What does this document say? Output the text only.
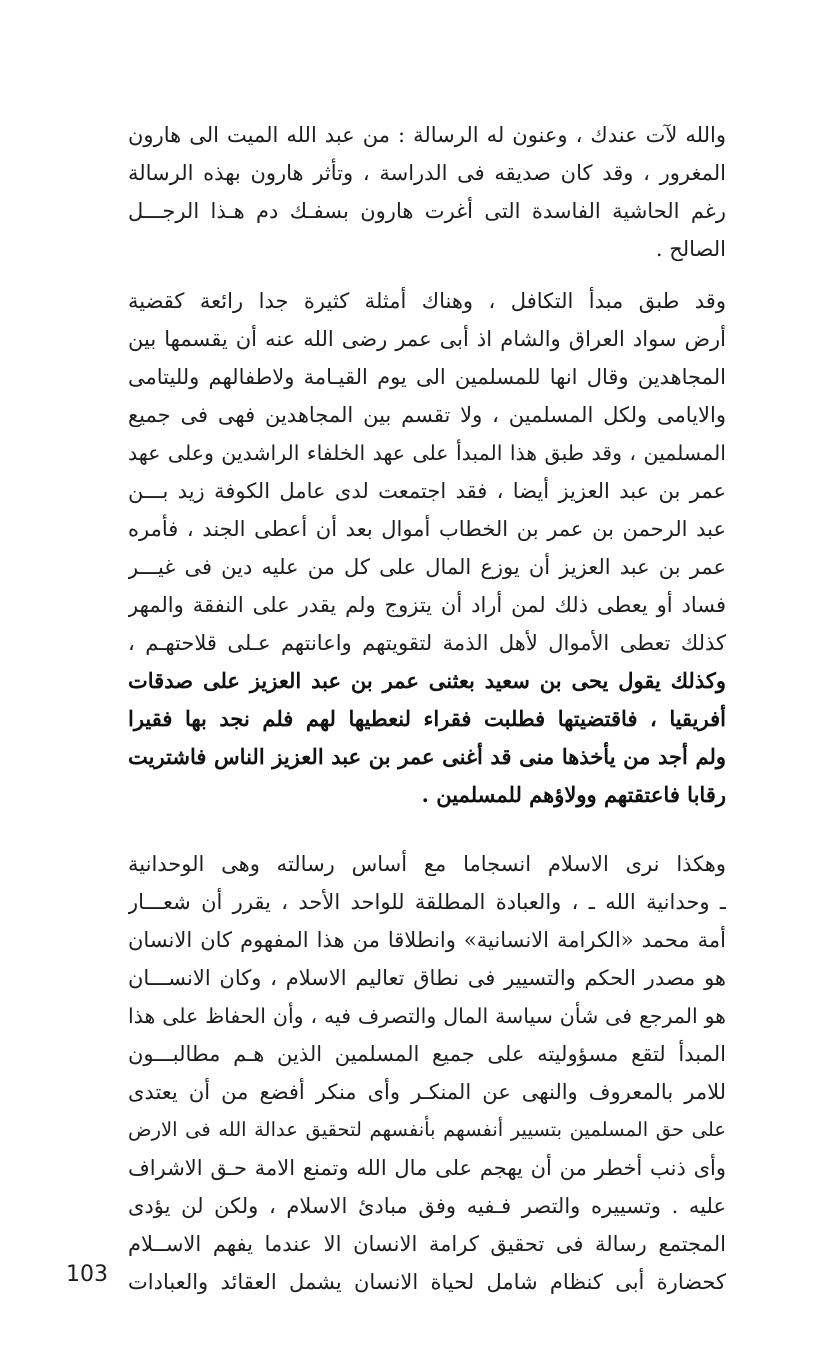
والله لآت عندك ، وعنون له الرسالة : من عبد الله الميت الى هارون
المغرور ، وقد كان صديقه فى الدراسة ، وتأثر هارون بهذه الرسالة
رغم الحاشية الفاسدة التى أغرت هارون بسفـك دم هـذا الرجـــل
الصالح .
وقد طبق مبدأ التكافل ، وهناك أمثلة كثيرة جدا رائعة كقضية
أرض سواد العراق والشام اذ أبى عمر رضى الله عنه أن يقسمها بين
المجاهدين وقال انها للمسلمين الى يوم القيـامة ولاطفالهم وللیتامى
والايامى ولكل المسلمين ، ولا تقسم بين المجاهدين فهى فى جميع
المسلمين ، وقد طبق هذا المبدأ على عهد الخلفاء الراشدين وعلى عهد
عمر بن عبد العزيز أيضا ، فقد اجتمعت لدى عامل الكوفة زيد بـــن
عبد الرحمن بن عمر بن الخطاب أموال بعد أن أعطى الجند ، فأمره
عمر بن عبد العزيز أن يوزع المال على كل من عليه دين فى غيـــر
فساد أو يعطى ذلك لمن أراد أن يتزوج ولم يقدر على النفقة والمهر
كذلك تعطى الأموال لأهل الذمة لتقويتهم واعانتهم عـلى قلاحتهـم ،
وكذلك يقول يحى بن سعيد بعثنى عمر بن عبد العزيز على صدقات
أفريقيا ، فاقتضيتها فطلبت فقراء لنعطيها لهم فلم نجد بها فقيرا
ولم أجد من يأخذها منى قد أغنى عمر بن عبد العزيز الناس فاشتريت
رقابا فاعتقتهم وولاؤهم للمسلمين .
وهكذا نرى الاسلام انسجاما مع أساس رسالته وهى الوحدانية
ـ وحدانية الله ـ ، والعبادة المطلقة للواحد الأحد ، يقرر أن شعـــار
أمة محمد «الكرامة الانسانية» وانطلاقا من هذا المفهوم كان الانسان
هو مصدر الحكم والتسيير فى نطاق تعاليم الاسلام ، وكان الانســـان
هو المرجع فى شأن سياسة المال والتصرف فيه ، وأن الحفاظ على هذا
المبدأ لتقع مسؤوليته على جميع المسلمين الذين هـم مطالبـــون
للامر بالمعروف والنهى عن المنكـر وأى منكر أفضع من أن يعتدى
على حق المسلمين بتسيير أنفسهم بأنفسهم لتحقيق عدالة الله فى الارض
وأى ذنب أخطر من أن يهجم على مال الله وتمنع الامة حـق الاشراف
عليه . وتسييره والتصر فـفيه وفق مبادئ الاسلام ، ولكن لن يؤدى
المجتمع رسالة فى تحقيق كرامة الانسان الا عندما يفهم الاســلام
كحضارة أبى كنظام شامل لحياة الانسان يشمل العقائد والعبادات
103
